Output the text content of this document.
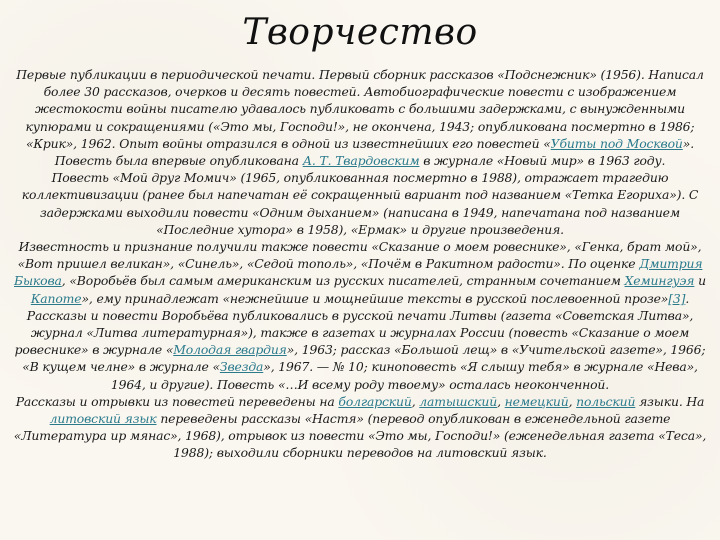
Творчество

Первые публикации в периодической печати. Первый сборник рассказов «Подснежник» (1956). Написал более 30 рассказов, очерков и десять повестей. Автобиографические повести с изображением жестокости войны писателю удавалось публиковать с большими задержками, с вынужденными купюрами и сокращениями («Это мы, Господи!», не окончена, 1943; опубликована посмертно в 1986; «Крик», 1962. Опыт войны отразился в одной из известнейших его повестей «Убиты под Москвой». Повесть была впервые опубликована А. Т. Твардовским в журнале «Новый мир» в 1963 году.

Повесть «Мой друг Момич» (1965, опубликованная посмертно в 1988), отражает трагедию коллективизации (ранее был напечатан её сокращенный вариант под названием «Тетка Егориха»). С задержками выходили повести «Одним дыханием» (написана в 1949, напечатана под названием «Последние хутора» в 1958), «Ермак» и другие произведения.

Известность и признание получили также повести «Сказание о моем ровеснике», «Генка, брат мой», «Вот пришел великан», «Синель», «Седой тополь», «Почём в Ракитном радости». По оценке Дмитрия Быкова, «Воробьёв был самым американским из русских писателей, странным сочетанием Хемингуэя и Капоте», ему принадлежат «нежнейшие и мощнейшие тексты в русской послевоенной прозе»[3].

Рассказы и повести Воробьёва публиковались в русской печати Литвы (газета «Советская Литва», журнал «Литва литературная»), также в газетах и журналах России (повесть «Сказание о моем ровеснике» в журнале «Молодая гвардия», 1963; рассказ «Большой лещ» в «Учительской газете», 1966; «В кущем челне» в журнале «Звезда», 1967. — № 10; киноповесть «Я слышу тебя» в журнале «Нева», 1964, и другие). Повесть «…И всему роду твоему» осталась неоконченной.

Рассказы и отрывки из повестей переведены на болгарский, латышский, немецкий, польский языки. На литовский язык переведены рассказы «Настя» (перевод опубликован в еженедельной газете «Литература ир мянас», 1968), отрывок из повести «Это мы, Господи!» (еженедельная газета «Теса», 1988); выходили сборники переводов на литовский язык.
